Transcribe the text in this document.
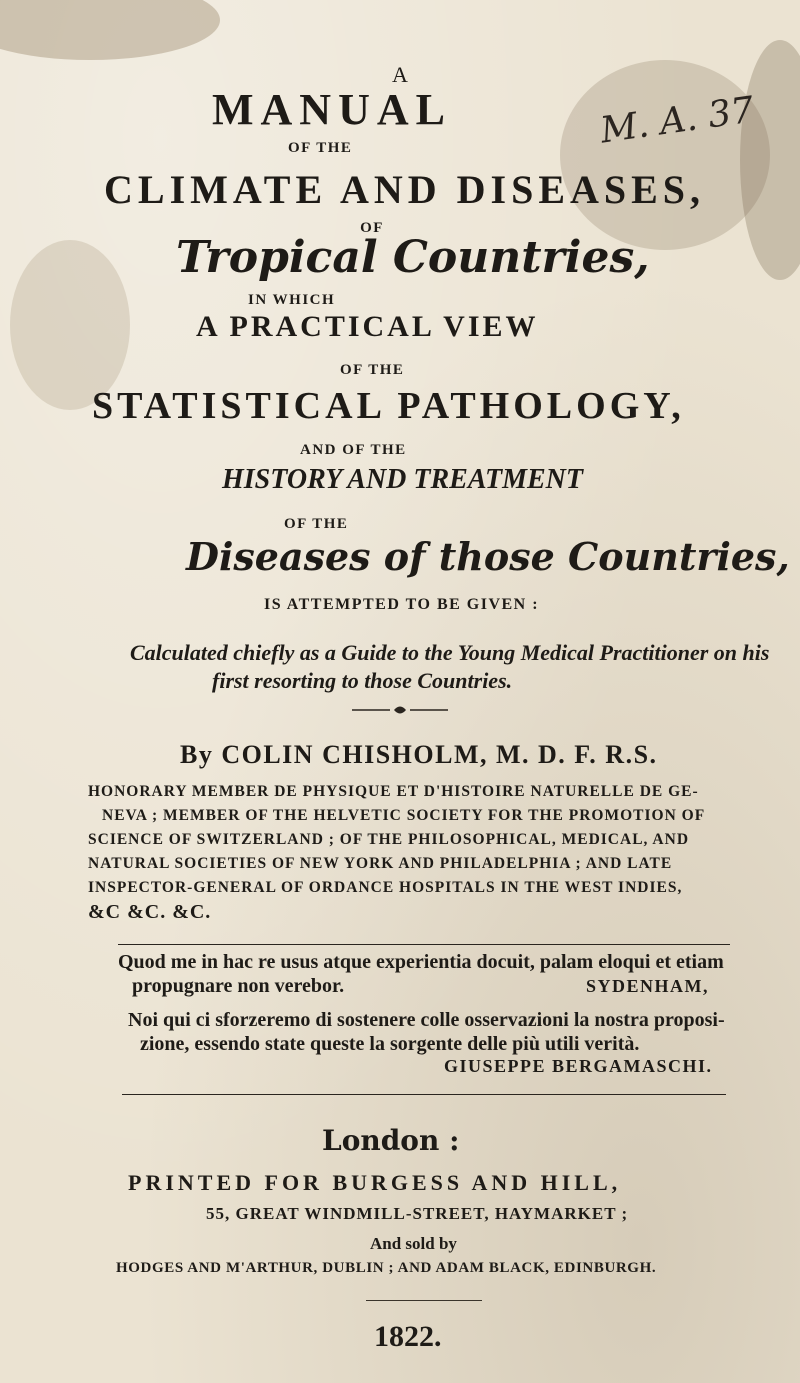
A
MANUAL	M. A. 37
OF THE
CLIMATE AND DISEASES,
OF
Tropical Countries,
IN WHICH
A PRACTICAL VIEW
OF THE
STATISTICAL PATHOLOGY,
AND OF THE
HISTORY AND TREATMENT
OF THE
Diseases of those Countries,
IS ATTEMPTED TO BE GIVEN :
Calculated chiefly as a Guide to the Young Medical Practitioner on his
first resorting to those Countries.
By COLIN CHISHOLM, M. D. F. R.S.
HONORARY MEMBER DE PHYSIQUE ET D'HISTOIRE NATURELLE DE GE-
NEVA ; MEMBER OF THE HELVETIC SOCIETY FOR THE PROMOTION OF
SCIENCE OF SWITZERLAND ; OF THE PHILOSOPHICAL, MEDICAL, AND
NATURAL SOCIETIES OF NEW YORK AND PHILADELPHIA ; AND LATE
INSPECTOR-GENERAL OF ORDANCE HOSPITALS IN THE WEST INDIES,
&C &C. &C.
Quod me in hac re usus atque experientia docuit, palam eloqui et etiam
propugnare non verebor.	SYDENHAM,
Noi qui ci sforzeremo di sostenere colle osservazioni la nostra proposi-
zione, essendo state queste la sorgente delle più utili verità.
GIUSEPPE BERGAMASCHI.
London :
PRINTED FOR BURGESS AND HILL,
55, GREAT WINDMILL-STREET, HAYMARKET ;
And sold by
HODGES AND M'ARTHUR, DUBLIN ; AND ADAM BLACK, EDINBURGH.
1822.
